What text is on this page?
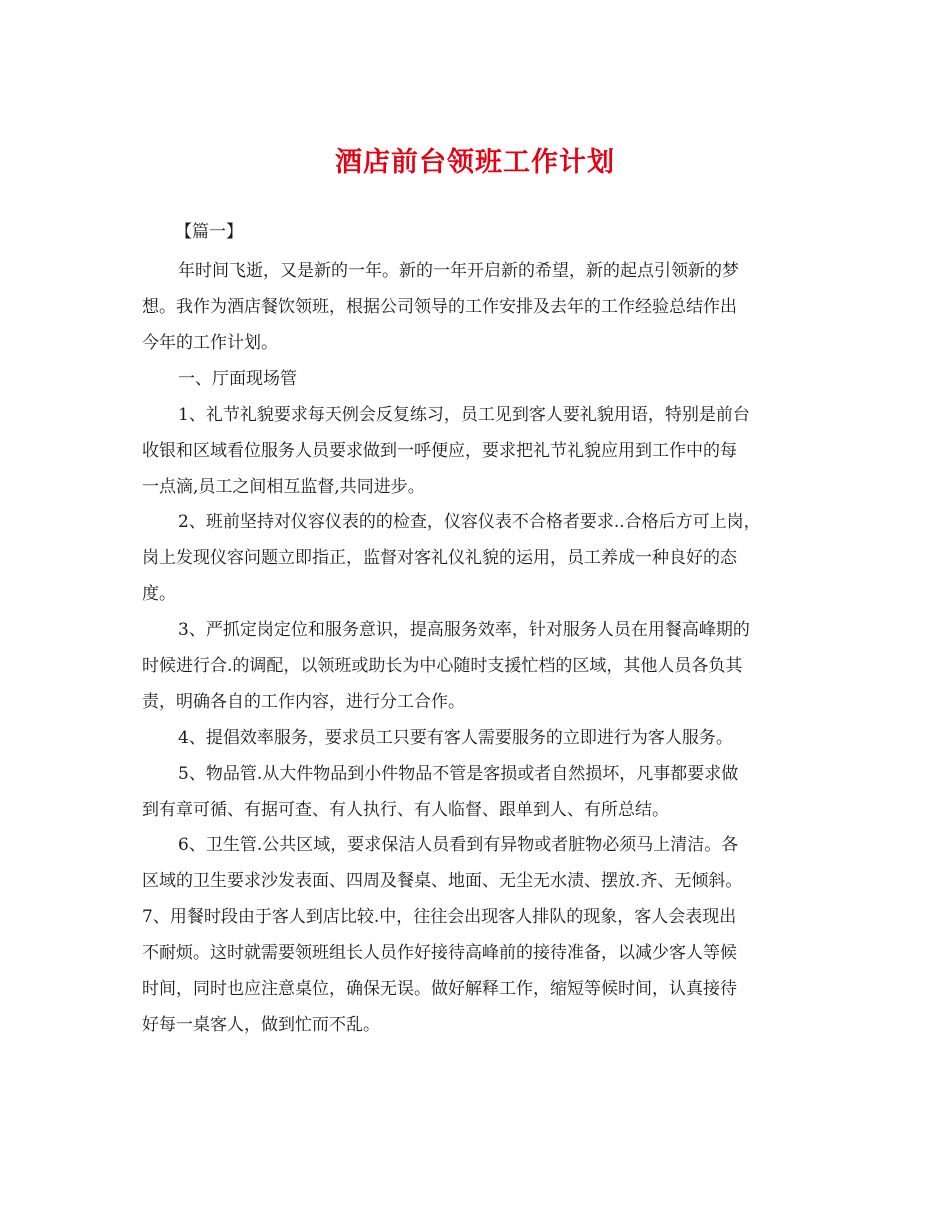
酒店前台领班工作计划
【篇一】
年时间飞逝，又是新的一年。新的一年开启新的希望，新的起点引领新的梦
想。我作为酒店餐饮领班，根据公司领导的工作安排及去年的工作经验总结作出
今年的工作计划。
一、厅面现场管
1、礼节礼貌要求每天例会反复练习，员工见到客人要礼貌用语，特别是前台
收银和区域看位服务人员要求做到一呼便应，要求把礼节礼貌应用到工作中的每
一点滴,员工之间相互监督,共同进步。
2、班前坚持对仪容仪表的的检查，仪容仪表不合格者要求..合格后方可上岗，
岗上发现仪容问题立即指正，监督对客礼仪礼貌的运用，员工养成一种良好的态
度。
3、严抓定岗定位和服务意识，提高服务效率，针对服务人员在用餐高峰期的
时候进行合.的调配，以领班或助长为中心随时支援忙档的区域，其他人员各负其
责，明确各自的工作内容，进行分工合作。
4、提倡效率服务，要求员工只要有客人需要服务的立即进行为客人服务。
5、物品管.从大件物品到小件物品不管是客损或者自然损坏，凡事都要求做
到有章可循、有据可查、有人执行、有人临督、跟单到人、有所总结。
6、卫生管.公共区域，要求保洁人员看到有异物或者脏物必须马上清洁。各
区域的卫生要求沙发表面、四周及餐桌、地面、无尘无水渍、摆放.齐、无倾斜。
7、用餐时段由于客人到店比较.中，往往会出现客人排队的现象，客人会表现出
不耐烦。这时就需要领班组长人员作好接待高峰前的接待准备，以减少客人等候
时间，同时也应注意桌位，确保无误。做好解释工作，缩短等候时间，认真接待
好每一桌客人，做到忙而不乱。
